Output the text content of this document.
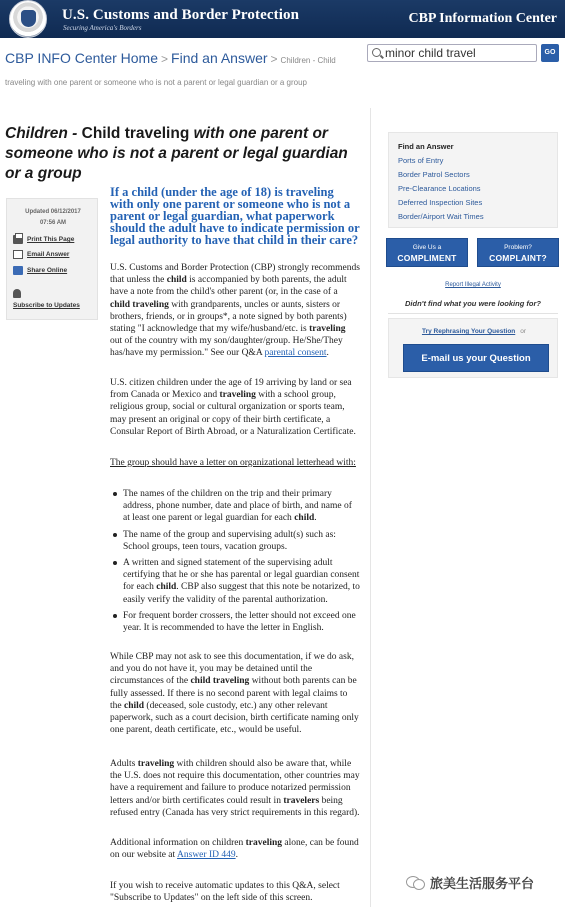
U.S. Customs and Border Protection
Securing America's Borders
CBP Information Center
CBP INFO Center Home > Find an Answer > Children - Child traveling with one parent or someone who is not a parent or legal guardian or a group
minor child travel
GO
Children - Child traveling with one parent or someone who is not a parent or legal guardian or a group
Updated 06/12/2017
07:56 AM
Print This Page
Email Answer
Share Online
Subscribe to Updates
If a child (under the age of 18) is traveling with only one parent or someone who is not a parent or legal guardian, what paperwork should the adult have to indicate permission or legal authority to have that child in their care?
U.S. Customs and Border Protection (CBP) strongly recommends that unless the child is accompanied by both parents, the adult have a note from the child's other parent (or, in the case of a child traveling with grandparents, uncles or aunts, sisters or brothers, friends, or in groups*, a note signed by both parents) stating "I acknowledge that my wife/husband/etc. is traveling out of the country with my son/daughter/group. He/She/They has/have my permission." See our Q&A parental consent.
U.S. citizen children under the age of 19 arriving by land or sea from Canada or Mexico and traveling with a school group, religious group, social or cultural organization or sports team, may present an original or copy of their birth certificate, a Consular Report of Birth Abroad, or a Naturalization Certificate.
The group should have a letter on organizational letterhead with:
The names of the children on the trip and their primary address, phone number, date and place of birth, and name of at least one parent or legal guardian for each child.
The name of the group and supervising adult(s) such as: School groups, teen tours, vacation groups.
A written and signed statement of the supervising adult certifying that he or she has parental or legal guardian consent for each child. CBP also suggest that this note be notarized, to easily verify the validity of the parental authorization.
For frequent border crossers, the letter should not exceed one year. It is recommended to have the letter in English.
While CBP may not ask to see this documentation, if we do ask, and you do not have it, you may be detained until the circumstances of the child traveling without both parents can be fully assessed. If there is no second parent with legal claims to the child (deceased, sole custody, etc.) any other relevant paperwork, such as a court decision, birth certificate naming only one parent, death certificate, etc., would be useful.
Adults traveling with children should also be aware that, while the U.S. does not require this documentation, other countries may have a requirement and failure to produce notarized permission letters and/or birth certificates could result in travelers being refused entry (Canada has very strict requirements in this regard).
Additional information on children traveling alone, can be found on our website at Answer ID 449.
If you wish to receive automatic updates to this Q&A, select "Subscribe to Updates" on the left side of this screen.
Find an Answer
Ports of Entry
Border Patrol Sectors
Pre-Clearance Locations
Deferred Inspection Sites
Border/Airport Wait Times
Give Us a
COMPLIMENT
Problem?
COMPLAINT?
Report Illegal Activity
Didn't find what you were looking for?
Try Rephrasing Your Question or
E-mail us your Question
旅美生活服务平台
